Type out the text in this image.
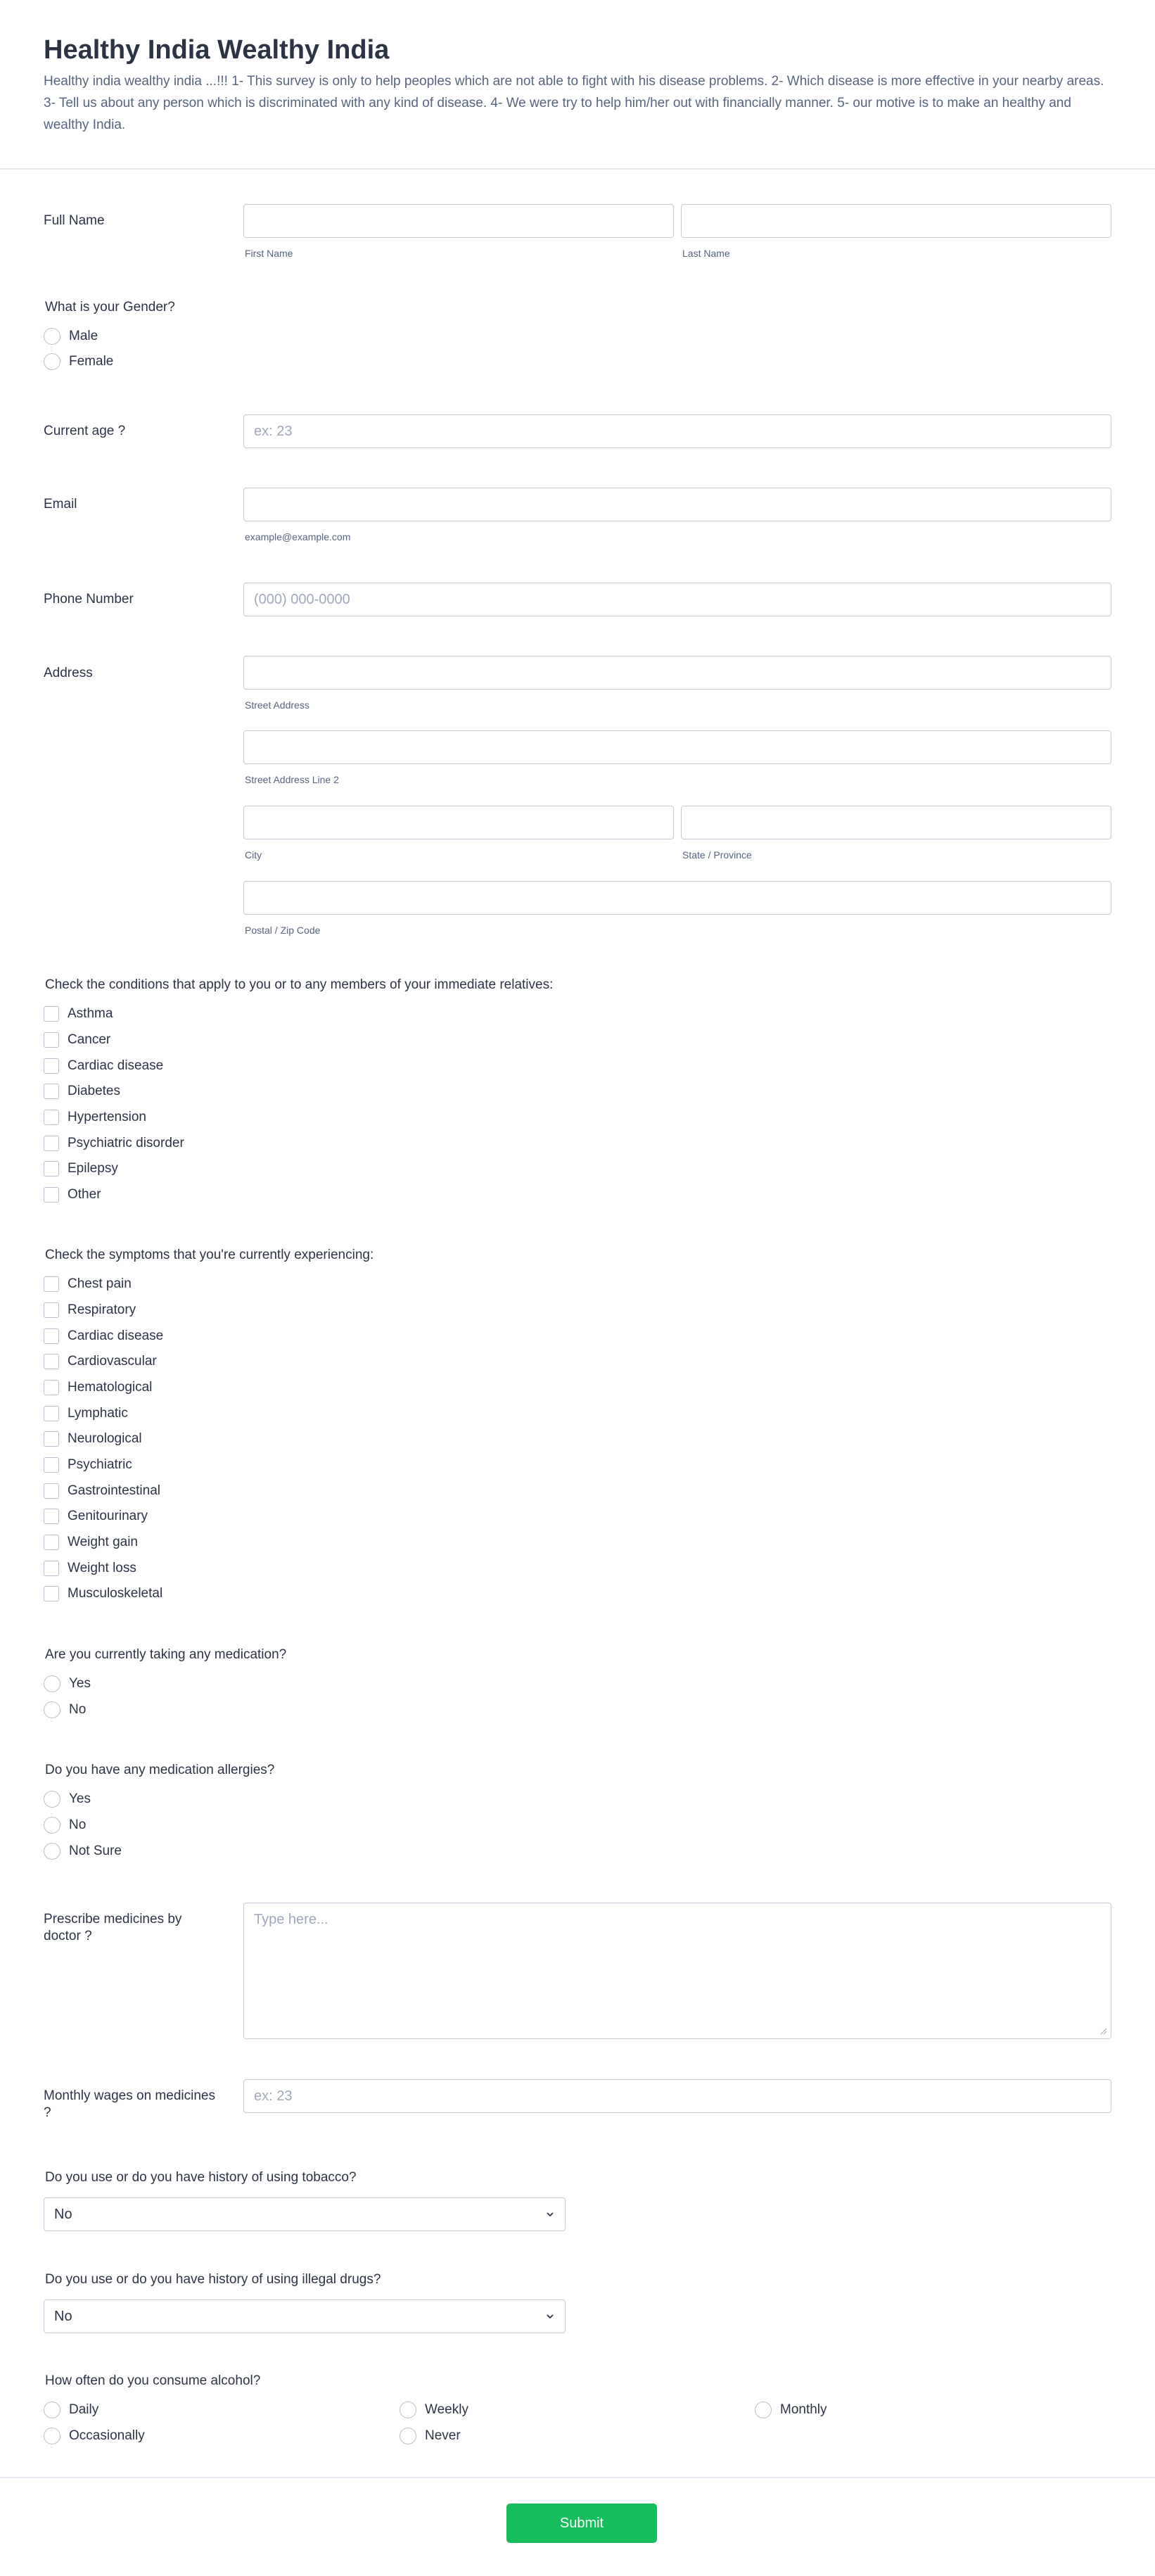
Healthy India Wealthy India

Healthy india wealthy india ...!!! 1- This survey is only to help peoples which are not able to fight with his disease problems. 2- Which disease is more effective in your nearby areas. 3- Tell us about any person which is discriminated with any kind of disease. 4- We were try to help him/her out with financially manner. 5- our motive is to make an healthy and wealthy India.

Full Name
First Name	Last Name
What is your Gender?
Male
Female
Current age ?
ex: 23
Email
example@example.com
Phone Number
(000) 000-0000
Address
Street Address
Street Address Line 2
City	State / Province
Postal / Zip Code
Check the conditions that apply to you or to any members of your immediate relatives:
Asthma
Cancer
Cardiac disease
Diabetes
Hypertension
Psychiatric disorder
Epilepsy
Other
Check the symptoms that you're currently experiencing:
Chest pain
Respiratory
Cardiac disease
Cardiovascular
Hematological
Lymphatic
Neurological
Psychiatric
Gastrointestinal
Genitourinary
Weight gain
Weight loss
Musculoskeletal
Are you currently taking any medication?
Yes
No
Do you have any medication allergies?
Yes
No
Not Sure
Prescribe medicines by
doctor ?
Type here...
Monthly wages on medicines
?
ex: 23
Do you use or do you have history of using tobacco?
No
Do you use or do you have history of using illegal drugs?
No
How often do you consume alcohol?
Daily	Weekly	Monthly
Occasionally	Never
Submit
